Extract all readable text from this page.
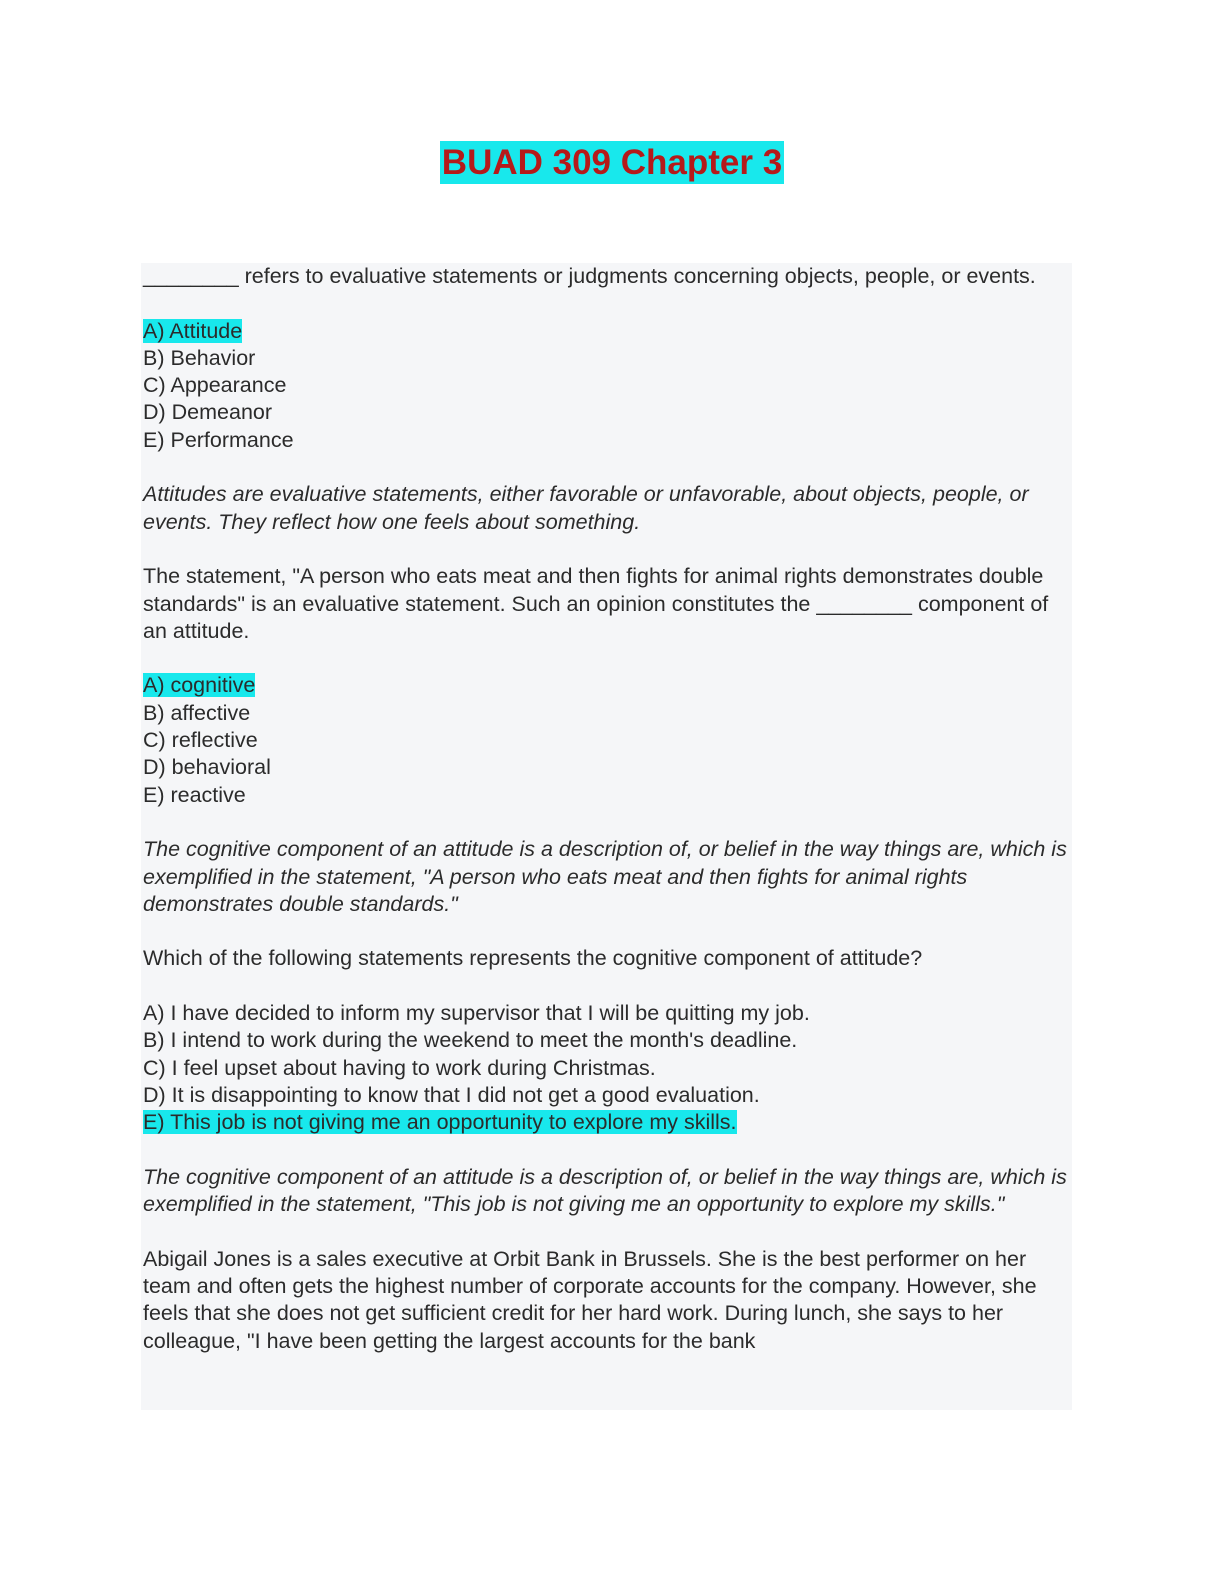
BUAD 309 Chapter 3

________ refers to evaluative statements or judgments concerning objects, people, or events.

A) Attitude
B) Behavior
C) Appearance
D) Demeanor
E) Performance

Attitudes are evaluative statements, either favorable or unfavorable, about objects, people, or events. They reflect how one feels about something.

The statement, "A person who eats meat and then fights for animal rights demonstrates double standards" is an evaluative statement. Such an opinion constitutes the ________ component of an attitude.

A) cognitive
B) affective
C) reflective
D) behavioral
E) reactive

The cognitive component of an attitude is a description of, or belief in the way things are, which is exemplified in the statement, "A person who eats meat and then fights for animal rights demonstrates double standards."

Which of the following statements represents the cognitive component of attitude?

A) I have decided to inform my supervisor that I will be quitting my job.
B) I intend to work during the weekend to meet the month's deadline.
C) I feel upset about having to work during Christmas.
D) It is disappointing to know that I did not get a good evaluation.
E) This job is not giving me an opportunity to explore my skills.

The cognitive component of an attitude is a description of, or belief in the way things are, which is exemplified in the statement, "This job is not giving me an opportunity to explore my skills."

Abigail Jones is a sales executive at Orbit Bank in Brussels. She is the best performer on her team and often gets the highest number of corporate accounts for the company. However, she feels that she does not get sufficient credit for her hard work. During lunch, she says to her colleague, "I have been getting the largest accounts for the bank
